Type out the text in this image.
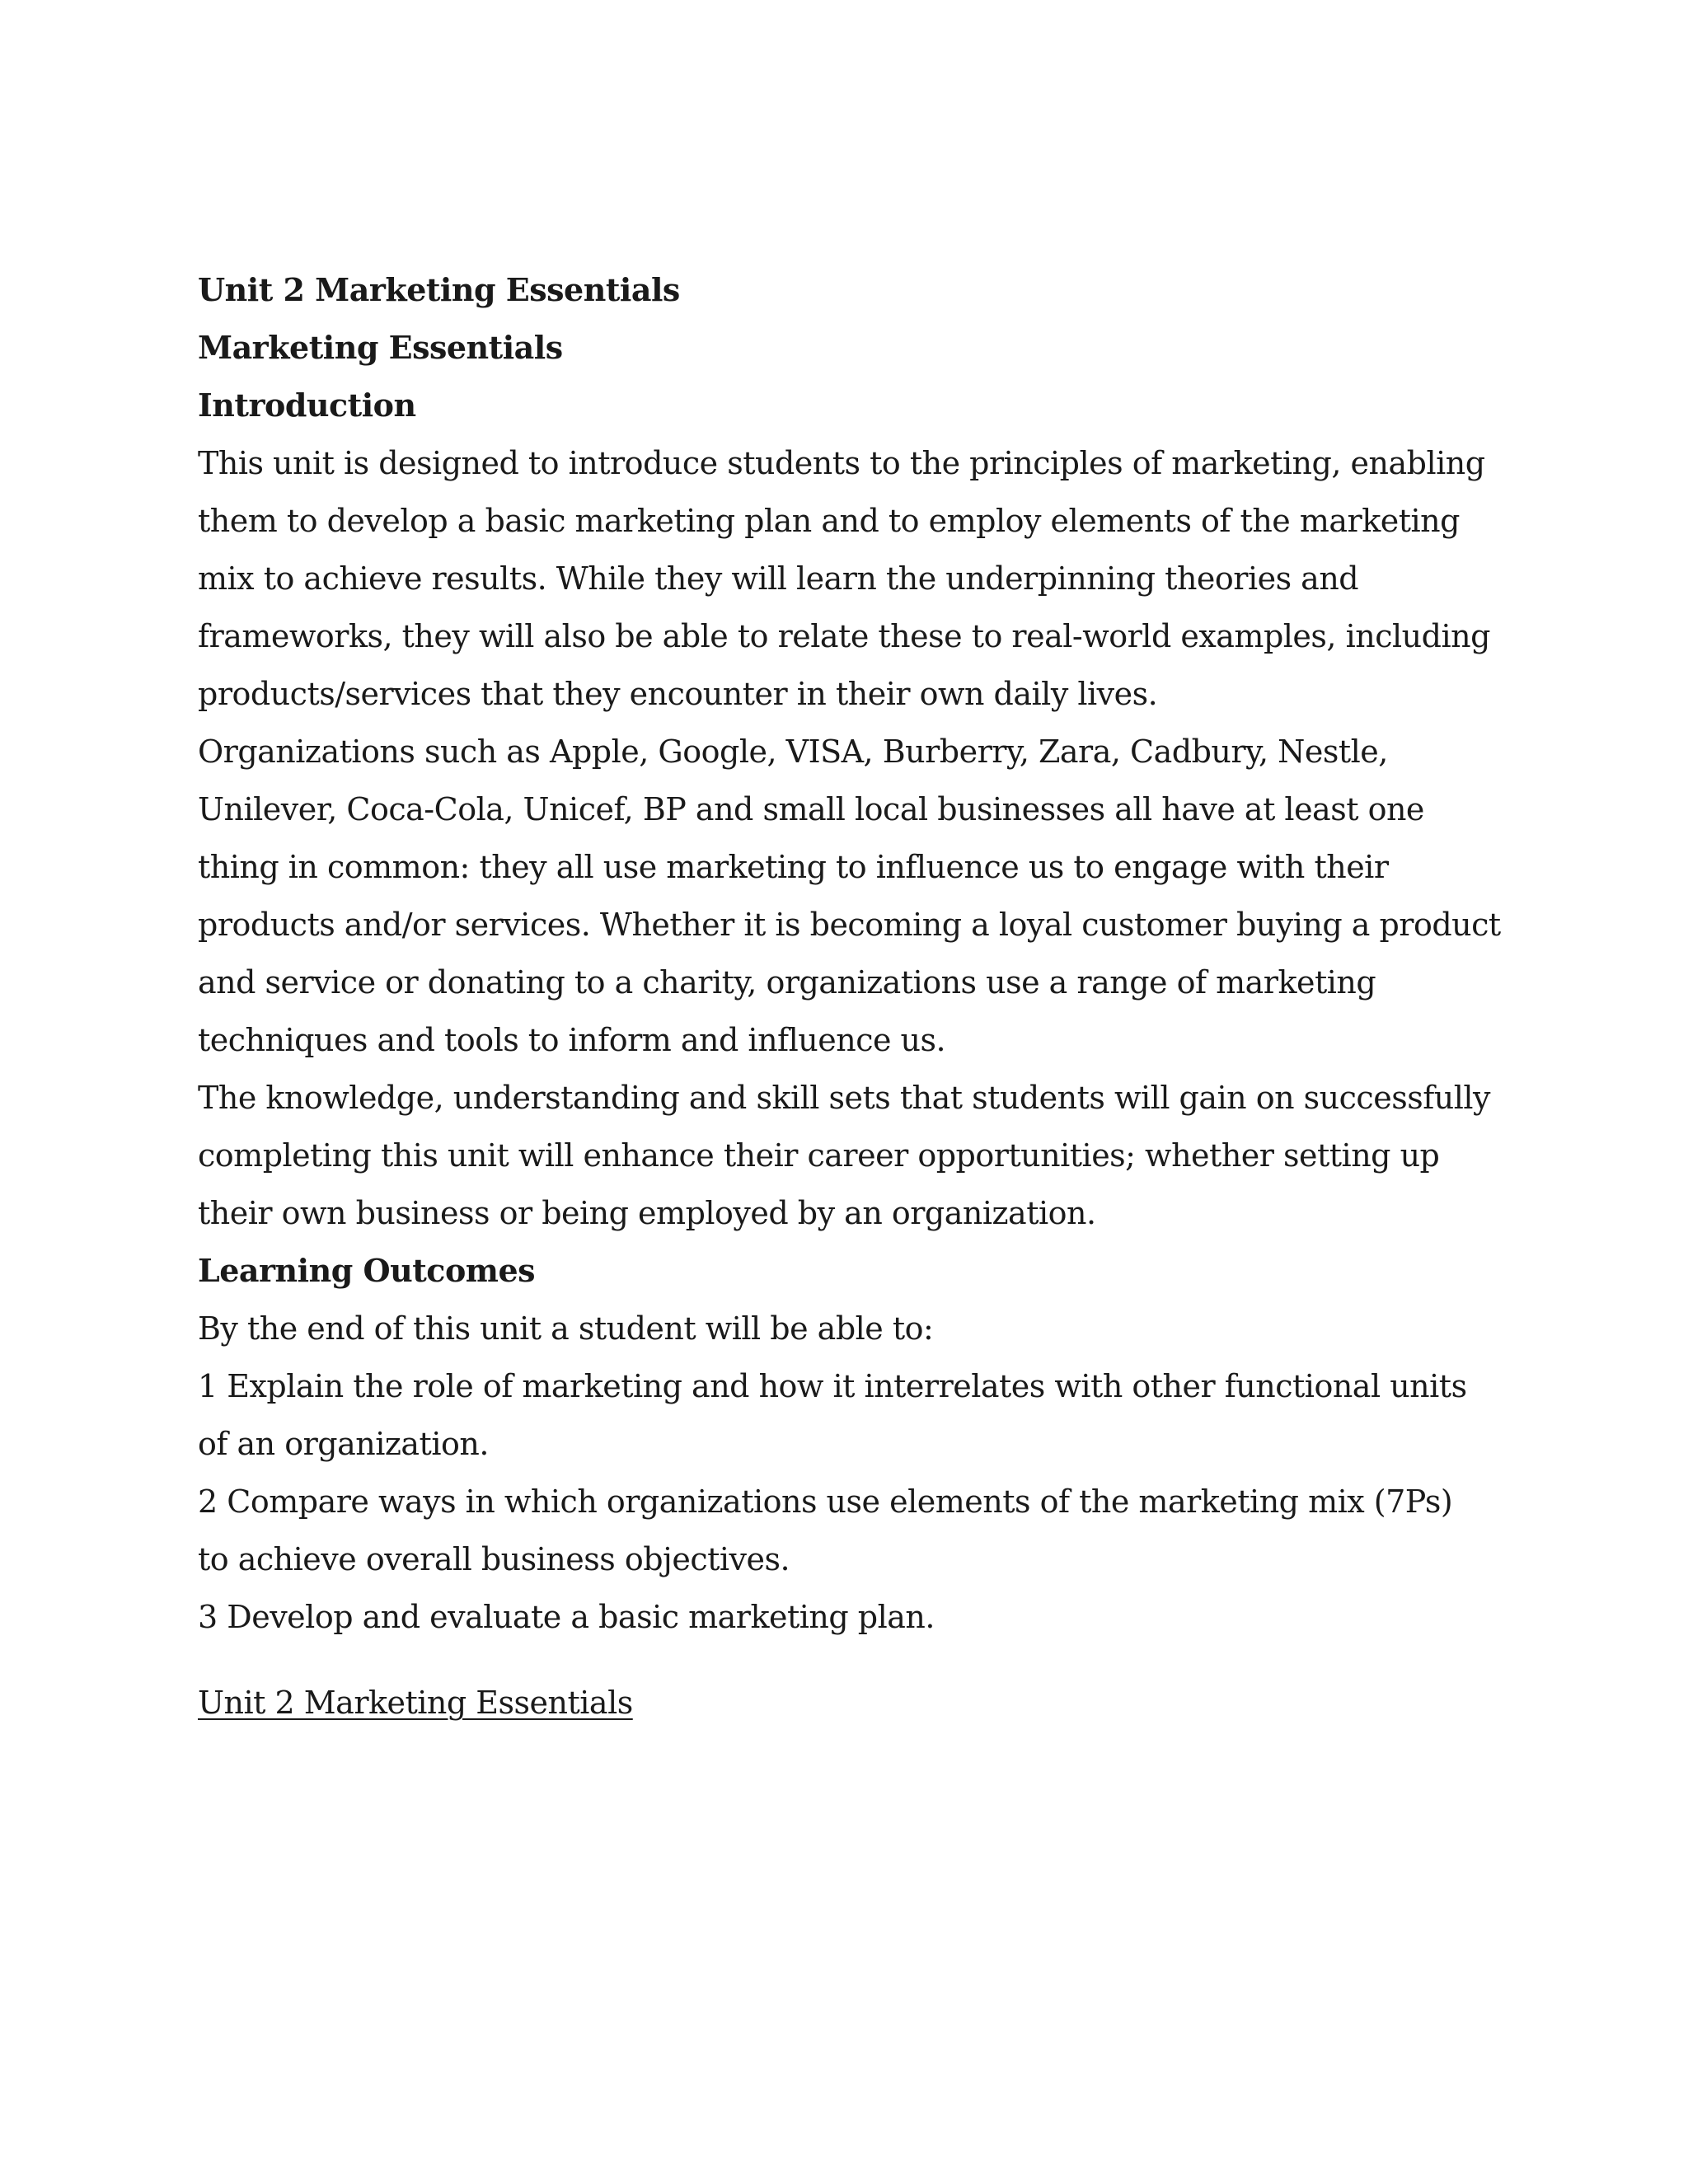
Unit 2 Marketing Essentials
Marketing Essentials
Introduction
This unit is designed to introduce students to the principles of marketing, enabling
them to develop a basic marketing plan and to employ elements of the marketing
mix to achieve results. While they will learn the underpinning theories and
frameworks, they will also be able to relate these to real-world examples, including
products/services that they encounter in their own daily lives.
Organizations such as Apple, Google, VISA, Burberry, Zara, Cadbury, Nestle,
Unilever, Coca-Cola, Unicef, BP and small local businesses all have at least one
thing in common: they all use marketing to influence us to engage with their
products and/or services. Whether it is becoming a loyal customer buying a product
and service or donating to a charity, organizations use a range of marketing
techniques and tools to inform and influence us.
The knowledge, understanding and skill sets that students will gain on successfully
completing this unit will enhance their career opportunities; whether setting up
their own business or being employed by an organization.
Learning Outcomes
By the end of this unit a student will be able to:
1 Explain the role of marketing and how it interrelates with other functional units
of an organization.
2 Compare ways in which organizations use elements of the marketing mix (7Ps)
to achieve overall business objectives.
3 Develop and evaluate a basic marketing plan.
Unit 2 Marketing Essentials
